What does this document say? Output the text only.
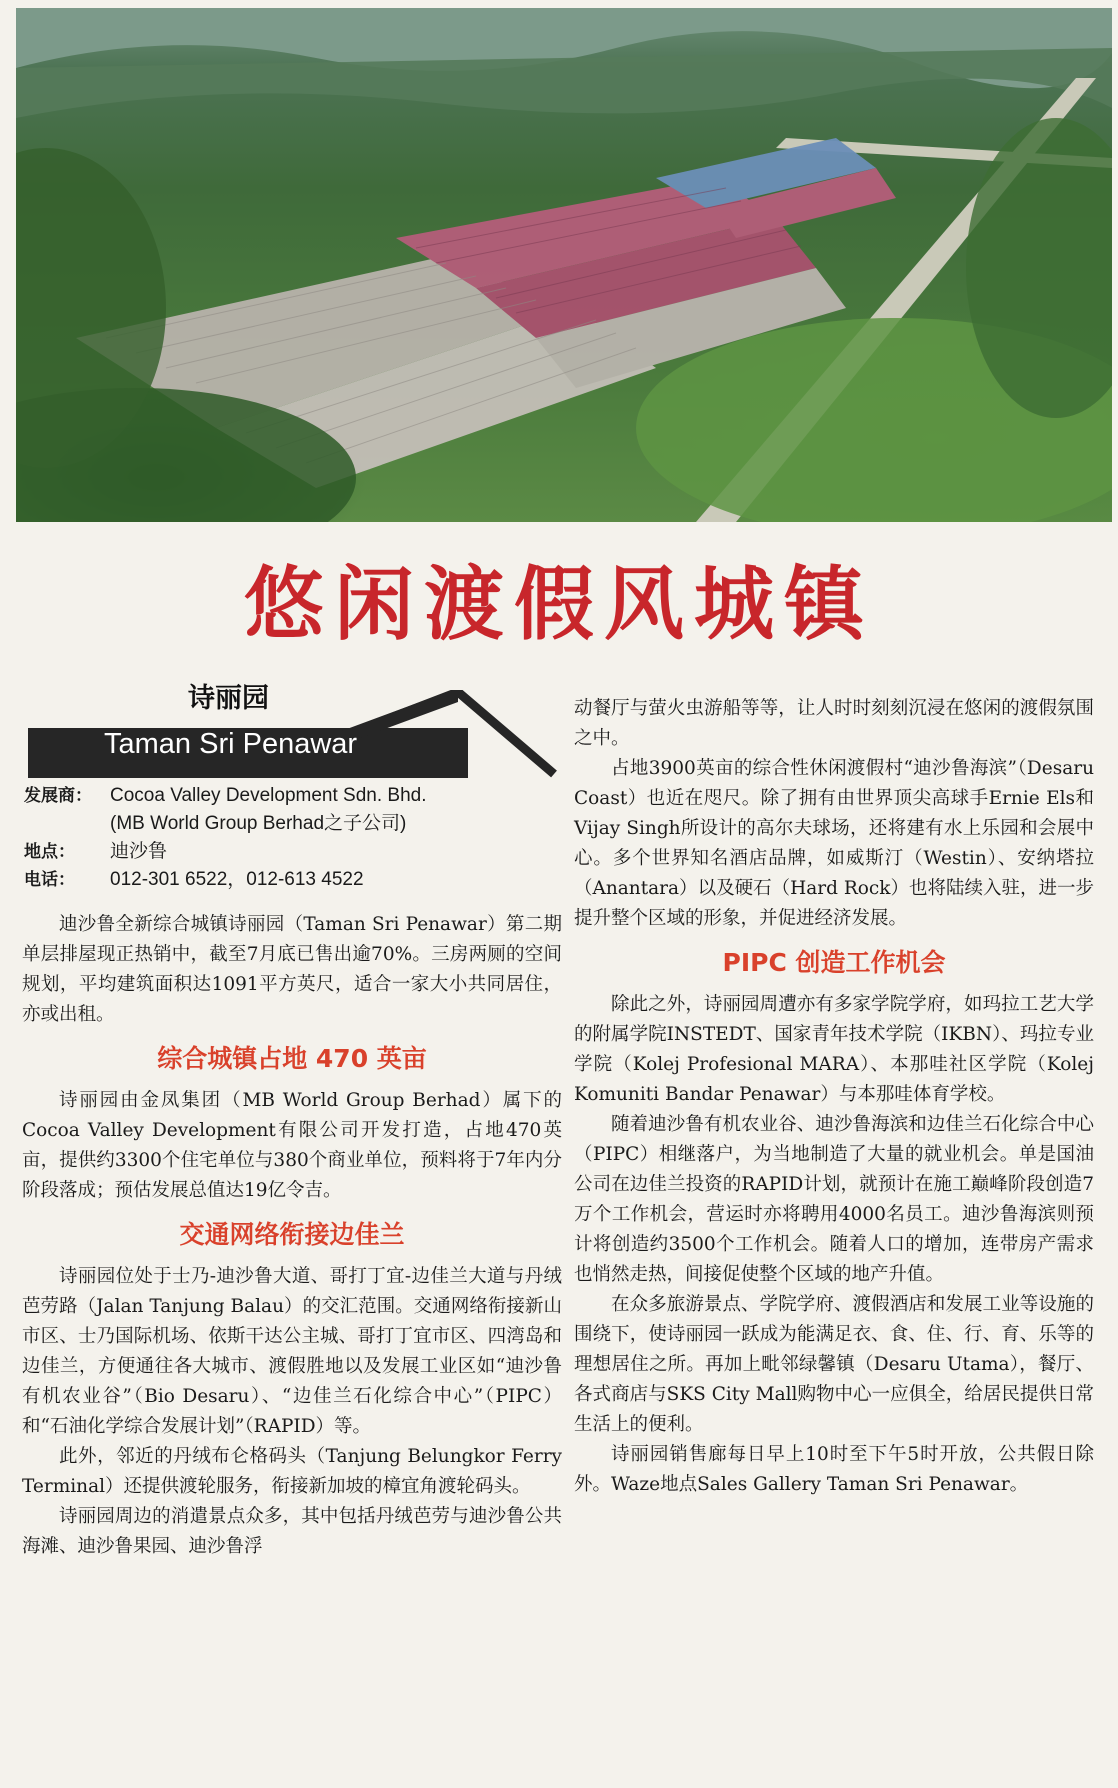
悠闲渡假风城镇
诗丽园
Taman Sri Penawar
发展商： Cocoa Valley Development Sdn. Bhd.
(MB World Group Berhad之子公司)
地点：	迪沙鲁
电话：	012-301 6522，012-613 4522

迪沙鲁全新综合城镇诗丽园（Taman Sri Penawar）第二期单层排屋现正热销中，截至7月底已售出逾70%。三房两厕的空间规划，平均建筑面积达1091平方英尺，适合一家大小共同居住，亦或出租。

综合城镇占地 470 英亩

诗丽园由金凤集团（MB World Group Berhad）属下的Cocoa Valley Development有限公司开发打造，占地470英亩，提供约3300个住宅单位与380个商业单位，预料将于7年内分阶段落成；预估发展总值达19亿令吉。

交通网络衔接边佳兰

诗丽园位处于士乃-迪沙鲁大道、哥打丁宜-边佳兰大道与丹绒芭劳路（Jalan Tanjung Balau）的交汇范围。交通网络衔接新山市区、士乃国际机场、依斯干达公主城、哥打丁宜市区、四湾岛和边佳兰，方便通往各大城市、渡假胜地以及发展工业区如“迪沙鲁有机农业谷”（Bio Desaru）、“边佳兰石化综合中心”（PIPC）和“石油化学综合发展计划”（RAPID）等。

此外，邻近的丹绒布仑格码头（Tanjung Belungkor Ferry Terminal）还提供渡轮服务，衔接新加坡的樟宜角渡轮码头。

诗丽园周边的消遣景点众多，其中包括丹绒芭劳与迪沙鲁公共海滩、迪沙鲁果园、迪沙鲁浮

动餐厅与萤火虫游船等等，让人时时刻刻沉浸在悠闲的渡假氛围之中。

占地3900英亩的综合性休闲渡假村“迪沙鲁海滨”（Desaru Coast）也近在咫尺。除了拥有由世界顶尖高球手Ernie Els和Vijay Singh所设计的高尔夫球场，还将建有水上乐园和会展中心。多个世界知名酒店品牌，如威斯汀（Westin）、安纳塔拉（Anantara）以及硬石（Hard Rock）也将陆续入驻，进一步提升整个区域的形象，并促进经济发展。

PIPC 创造工作机会

除此之外，诗丽园周遭亦有多家学院学府，如玛拉工艺大学的附属学院INSTEDT、国家青年技术学院（IKBN）、玛拉专业学院（Kolej Profesional MARA）、本那哇社区学院（Kolej Komuniti Bandar Penawar）与本那哇体育学校。

随着迪沙鲁有机农业谷、迪沙鲁海滨和边佳兰石化综合中心（PIPC）相继落户，为当地制造了大量的就业机会。单是国油公司在边佳兰投资的RAPID计划，就预计在施工巅峰阶段创造7万个工作机会，营运时亦将聘用4000名员工。迪沙鲁海滨则预计将创造约3500个工作机会。随着人口的增加，连带房产需求也悄然走热，间接促使整个区域的地产升值。

在众多旅游景点、学院学府、渡假酒店和发展工业等设施的围绕下，使诗丽园一跃成为能满足衣、食、住、行、育、乐等的理想居住之所。再加上毗邻绿馨镇（Desaru Utama），餐厅、各式商店与SKS City Mall购物中心一应俱全，给居民提供日常生活上的便利。

诗丽园销售廊每日早上10时至下午5时开放，公共假日除外。Waze地点Sales Gallery Taman Sri Penawar。
